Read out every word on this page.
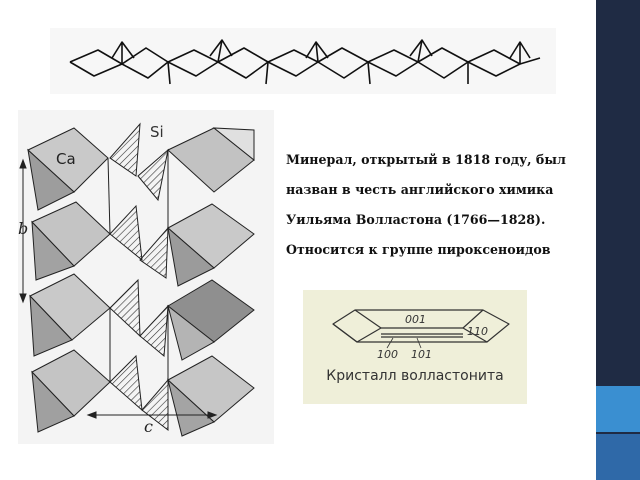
Si
Ca
b
c

Минерал, открытый в 1818 году, был
назван в честь английского химика
Уильяма Волластона (1766—1828).
Относится к группе пироксеноидов

001
110
100 101
Кристалл волластонита
